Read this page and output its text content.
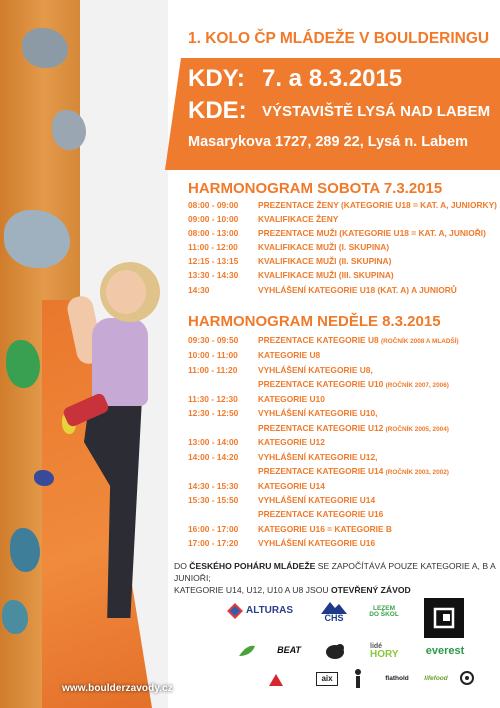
www.boulderzavody.cz
1. KOLO ČP MLÁDEŽE V BOULDERINGU
KDY: 7. a 8.3.2015
KDE: VÝSTAVIŠTĚ LYSÁ NAD LABEM
Masarykova 1727, 289 22, Lysá n. Labem
HARMONOGRAM SOBOTA 7.3.2015
08:00 - 09:00 PREZENTACE ŽENY (KATEGORIE U18 = KAT. A, JUNIORKY)
09:00 - 10:00 KVALIFIKACE ŽENY
08:00 - 13:00 PREZENTACE MUŽI (KATEGORIE U18 = KAT. A, JUNIOŘI)
11:00 - 12:00 KVALIFIKACE MUŽI (I. SKUPINA)
12:15 - 13:15 KVALIFIKACE MUŽI (II. SKUPINA)
13:30 - 14:30 KVALIFIKACE MUŽI (III. SKUPINA)
14:30	VYHLÁŠENÍ KATEGORIE U18 (KAT. A) A JUNIORŮ
HARMONOGRAM NEDĚLE 8.3.2015
09:30 - 09:50 PREZENTACE KATEGORIE U8 (ROČNÍK 2008 A MLADŠÍ)
10:00 - 11:00 KATEGORIE U8
11:00 - 11:20 VYHLÁŠENÍ KATEGORIE U8,
PREZENTACE KATEGORIE U10 (ROČNÍK 2007, 2006)
11:30 - 12:30 KATEGORIE U10
12:30 - 12:50 VYHLÁŠENÍ KATEGORIE U10,
PREZENTACE KATEGORIE U12 (ROČNÍK 2005, 2004)
13:00 - 14:00 KATEGORIE U12
14:00 - 14:20 VYHLÁŠENÍ KATEGORIE U12,
PREZENTACE KATEGORIE U14 (ROČNÍK 2003, 2002)
14:30 - 15:30 KATEGORIE U14
15:30 - 15:50 VYHLÁŠENÍ KATEGORIE U14
PREZENTACE KATEGORIE U16
16:00 - 17:00 KATEGORIE U16 = KATEGORIE B
17:00 - 17:20 VYHLÁŠENÍ KATEGORIE U16
DO ČESKÉHO POHÁRU MLÁDEŽE SE ZAPOČÍTÁVÁ POUZE KATEGORIE A, B A JUNIOŘI;
KATEGORIE U14, U12, U10 A U8 JSOU OTEVŘENÝ ZÁVOD
ALTURAS
CHS
LEZEM DO ŠKOL
BEAT	lidé
HORY everest
aix	flathold lifefood
